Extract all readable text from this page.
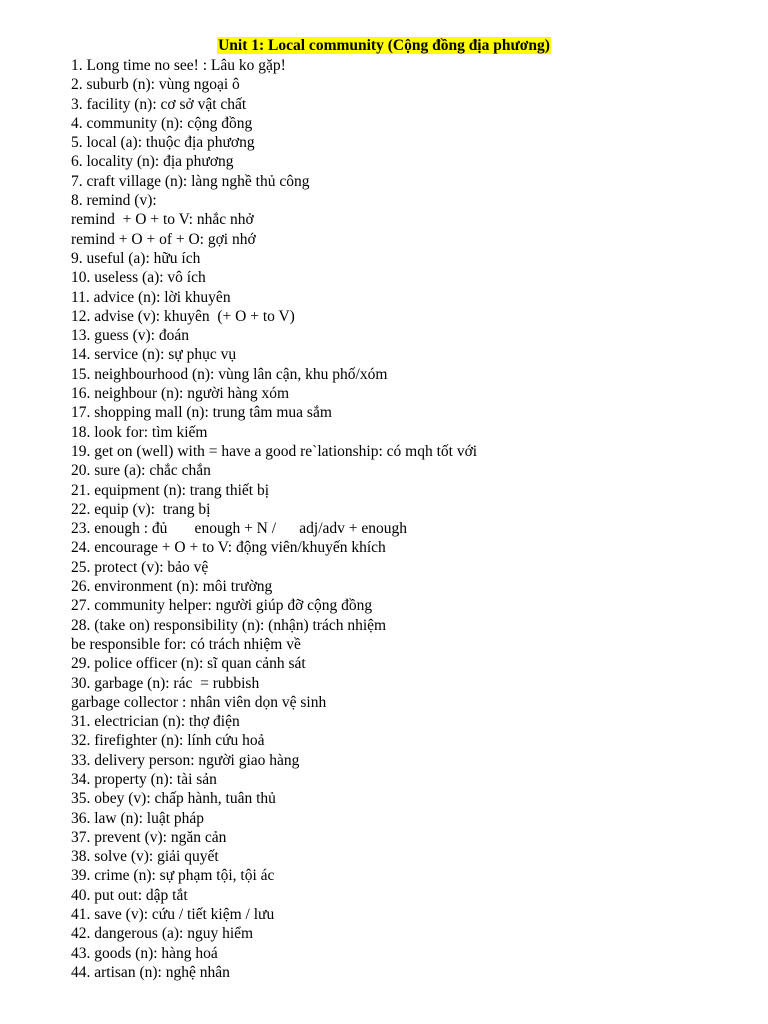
Unit 1: Local community (Cộng đồng địa phương)
1. Long time no see! : Lâu ko gặp!
2. suburb (n): vùng ngoại ô
3. facility (n): cơ sở vật chất
4. community (n): cộng đồng
5. local (a): thuộc địa phương
6. locality (n): địa phương
7. craft village (n): làng nghề thủ công
8. remind (v):
remind  + O + to V: nhắc nhở
remind + O + of + O: gợi nhớ
9. useful (a): hữu ích
10. useless (a): vô ích
11. advice (n): lời khuyên
12. advise (v): khuyên  (+ O + to V)
13. guess (v): đoán
14. service (n): sự phục vụ
15. neighbourhood (n): vùng lân cận, khu phố/xóm
16. neighbour (n): người hàng xóm
17. shopping mall (n): trung tâm mua sắm
18. look for: tìm kiếm
19. get on (well) with = have a good re`lationship: có mqh tốt với
20. sure (a): chắc chắn
21. equipment (n): trang thiết bị
22. equip (v):  trang bị
23. enough : đủ       enough + N /      adj/adv + enough
24. encourage + O + to V: động viên/khuyến khích
25. protect (v): bảo vệ
26. environment (n): môi trường
27. community helper: người giúp đỡ cộng đồng
28. (take on) responsibility (n): (nhận) trách nhiệm
be responsible for: có trách nhiệm về
29. police officer (n): sĩ quan cảnh sát
30. garbage (n): rác  = rubbish
garbage collector : nhân viên dọn vệ sinh
31. electrician (n): thợ điện
32. firefighter (n): lính cứu hoả
33. delivery person: người giao hàng
34. property (n): tài sản
35. obey (v): chấp hành, tuân thủ
36. law (n): luật pháp
37. prevent (v): ngăn cản
38. solve (v): giải quyết
39. crime (n): sự phạm tội, tội ác
40. put out: dập tắt
41. save (v): cứu / tiết kiệm / lưu
42. dangerous (a): nguy hiểm
43. goods (n): hàng hoá
44. artisan (n): nghệ nhân
